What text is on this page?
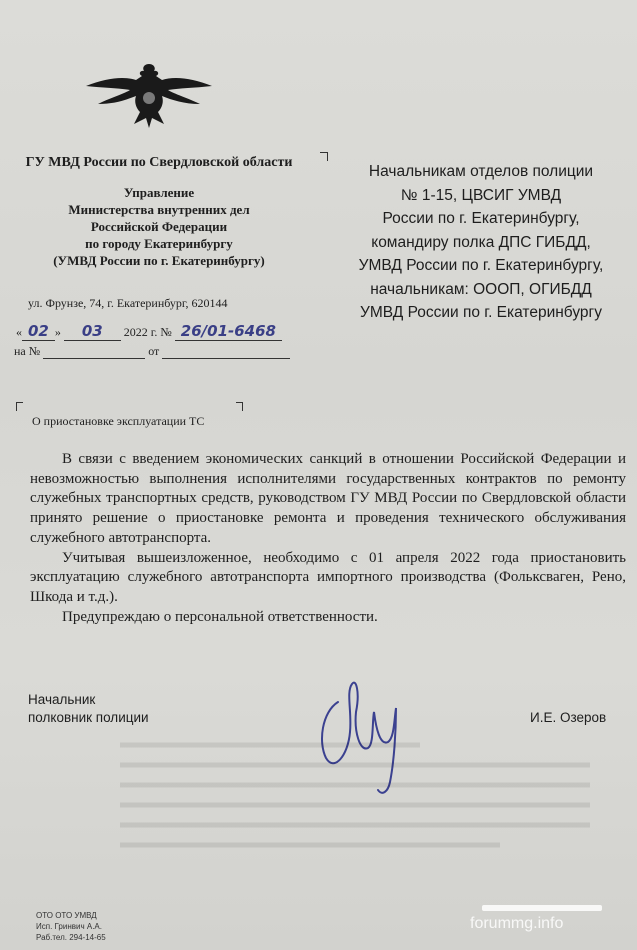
ГУ МВД России по Свердловской области
Управление
Министерства внутренних дел
Российской Федерации
по городу Екатеринбургу
(УМВД России по г. Екатеринбургу)
ул. Фрунзе, 74, г. Екатеринбург, 620144
« 02 » 03 2022 г. № 26/01-6468
на №	от
Начальникам отделов полиции
№ 1-15, ЦВСИГ УМВД
России по г. Екатеринбургу,
командиру полка ДПС ГИБДД,
УМВД России по г. Екатеринбургу,
начальникам: ОООП, ОГИБДД
УМВД России по г. Екатеринбургу
О приостановке эксплуатации ТС

В связи с введением экономических санкций в отношении Российской Федерации и невозможностью выполнения исполнителями государственных контрактов по ремонту служебных транспортных средств, руководством ГУ МВД России по Свердловской области принято решение о приостановке ремонта и проведения технического обслуживания служебного автотранспорта.

Учитывая вышеизложенное, необходимо с 01 апреля 2022 года приостановить эксплуатацию служебного автотранспорта импортного производства (Фольксваген, Рено, Шкода и т.д.).

Предупреждаю о персональной ответственности.

Начальник
полковник полиции	И.Е. Озеров
ОТО ОТО УМВД
Исп. Гринвич А.А.
Раб.тел. 294-14-65
forummg.info
